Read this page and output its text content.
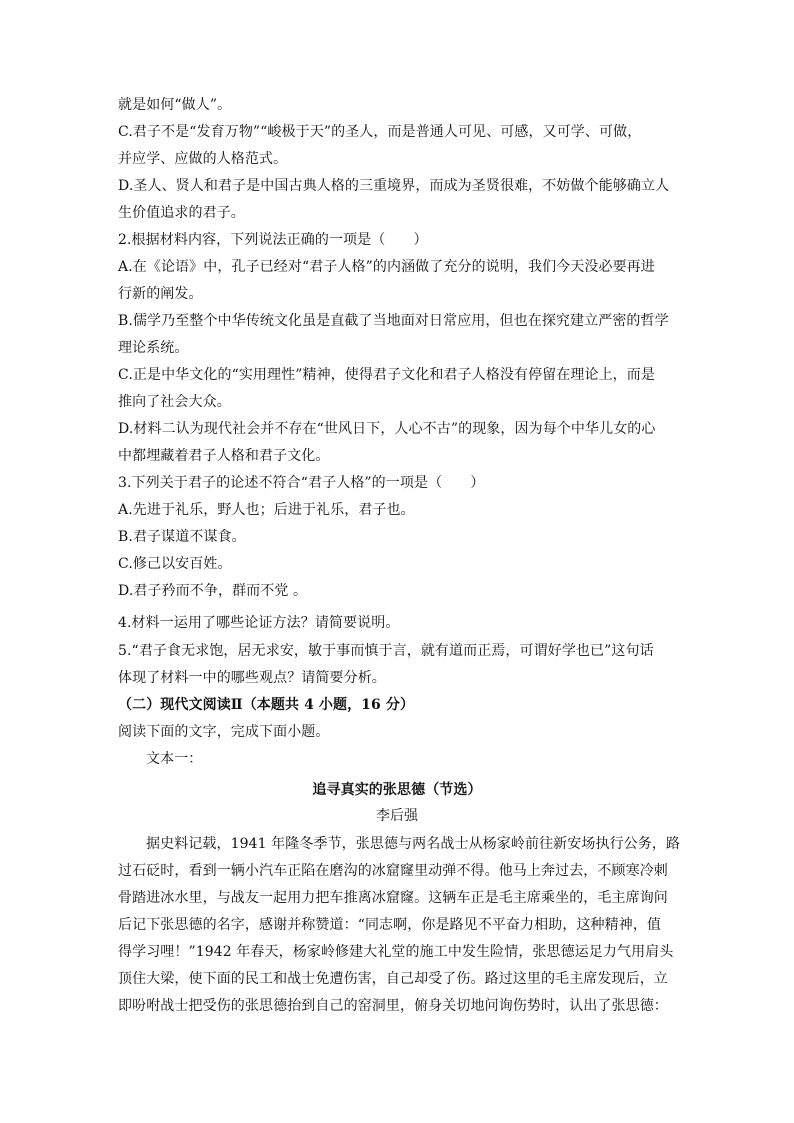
就是如何“做人”。
C.君子不是“发育万物”“峻极于天”的圣人，而是普通人可见、可感，又可学、可做，
并应学、应做的人格范式。
D.圣人、贤人和君子是中国古典人格的三重境界，而成为圣贤很难，不妨做个能够确立人
生价值追求的君子。
2.根据材料内容，下列说法正确的一项是（　　）
A.在《论语》中，孔子已经对“君子人格”的内涵做了充分的说明，我们今天没必要再进
行新的阐发。
B.儒学乃至整个中华传统文化虽是直截了当地面对日常应用，但也在探究建立严密的哲学
理论系统。
C.正是中华文化的“实用理性”精神，使得君子文化和君子人格没有停留在理论上，而是
推向了社会大众。
D.材料二认为现代社会并不存在“世风日下，人心不古”的现象，因为每个中华儿女的心
中都埋藏着君子人格和君子文化。
3.下列关于君子的论述不符合“君子人格”的一项是（　　）
A.先进于礼乐，野人也；后进于礼乐，君子也。
B.君子谋道不谋食。
C.修己以安百姓。
D.君子矜而不争，群而不党 。
4.材料一运用了哪些论证方法？请简要说明。
5.“君子食无求饱，居无求安，敏于事而慎于言，就有道而正焉，可谓好学也已”这句话
体现了材料一中的哪些观点？请简要分析。
（二）现代文阅读Ⅱ（本题共 4 小题，16 分）
阅读下面的文字，完成下面小题。
文本一：
追寻真实的张思德（节选）
李后强
据史料记载，1941 年隆冬季节，张思德与两名战士从杨家岭前往新安场执行公务，路
过石砭时，看到一辆小汽车正陷在磨沟的冰窟窿里动弹不得。他马上奔过去，不顾寒冷刺
骨踏进冰水里，与战友一起用力把车推离冰窟窿。这辆车正是毛主席乘坐的，毛主席询问
后记下张思德的名字，感谢并称赞道：“同志啊，你是路见不平奋力相助，这种精神，值
得学习哩！”1942 年春天，杨家岭修建大礼堂的施工中发生险情，张思德运足力气用肩头
顶住大梁，使下面的民工和战士免遭伤害，自己却受了伤。路过这里的毛主席发现后，立
即吩咐战士把受伤的张思德抬到自己的窑洞里，俯身关切地问询伤势时，认出了张思德：
